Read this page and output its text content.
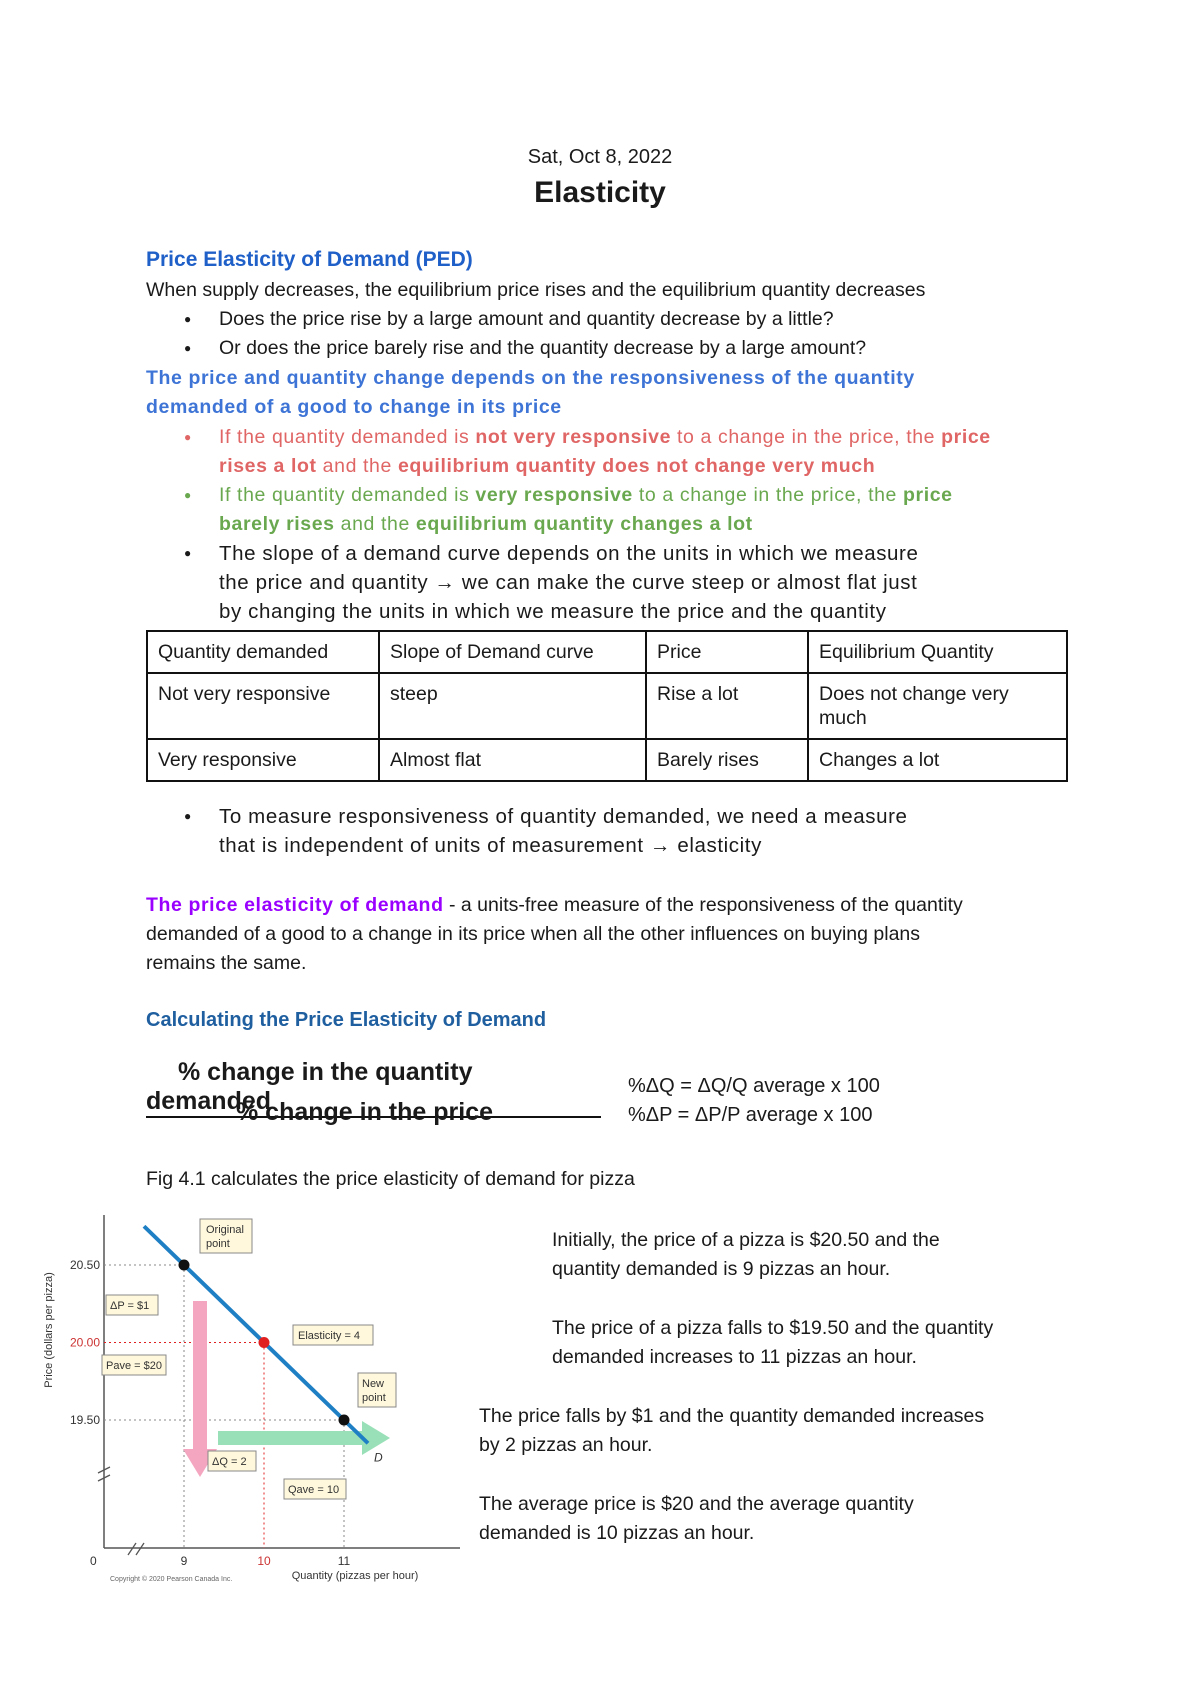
Sat, Oct 8, 2022
Elasticity
Price Elasticity of Demand (PED)
When supply decreases, the equilibrium price rises and the equilibrium quantity decreases
● Does the price rise by a large amount and quantity decrease by a little?
● Or does the price barely rise and the quantity decrease by a large amount?
The price and quantity change depends on the responsiveness of the quantity
demanded of a good to change in its price
● If the quantity demanded is not very responsive to a change in the price, the price
rises a lot and the equilibrium quantity does not change very much
● If the quantity demanded is very responsive to a change in the price, the price
barely rises and the equilibrium quantity changes a lot
● The slope of a demand curve depends on the units in which we measure
the price and quantity → we can make the curve steep or almost flat just
by changing the units in which we measure the price and the quantity
Quantity demanded	Slope of Demand curve	Price	Equilibrium Quantity
Not very responsive	steep	Rise a lot	Does not change very much
Very responsive	Almost flat	Barely rises	Changes a lot
● To measure responsiveness of quantity demanded, we need a measure
that is independent of units of measurement → elasticity
The price elasticity of demand - a units-free measure of the responsiveness of the quantity
demanded of a good to a change in its price when all the other influences on buying plans
remains the same.
Calculating the Price Elasticity of Demand
% change in the quantity demanded
% change in the price
%ΔQ = ΔQ/Q average x 100
%ΔP = ΔP/P average x 100
Fig 4.1 calculates the price elasticity of demand for pizza
D
20.50
20.00
19.50
9	10	11
0
Price (dollars per pizza)
Quantity (pizzas per hour)
Original
point
New
point
Elasticity = 4
ΔP = $1
Pave = $20
ΔQ = 2
Qave = 10
Copyright © 2020 Pearson Canada Inc.
Initially, the price of a pizza is $20.50 and the
quantity demanded is 9 pizzas an hour.
The price of a pizza falls to $19.50 and the quantity
demanded increases to 11 pizzas an hour.
The price falls by $1 and the quantity demanded increases
by 2 pizzas an hour.
The average price is $20 and the average quantity
demanded is 10 pizzas an hour.
